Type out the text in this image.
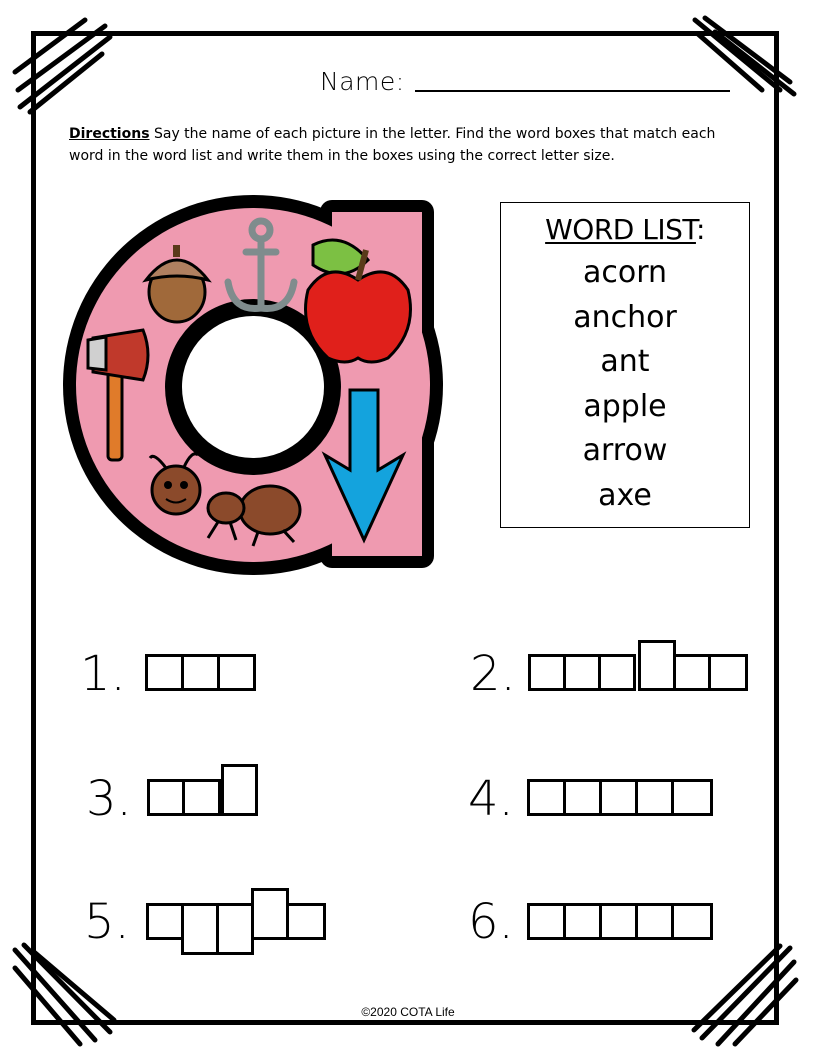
Name:
Directions Say the name of each picture in the letter. Find the word boxes that match each word in the word list and write them in the boxes using the correct letter size.
WORD LIST:
acorn
anchor
ant
apple
arrow
axe
1.	2.
3.	4.
5.	6.
©2020 COTA Life
